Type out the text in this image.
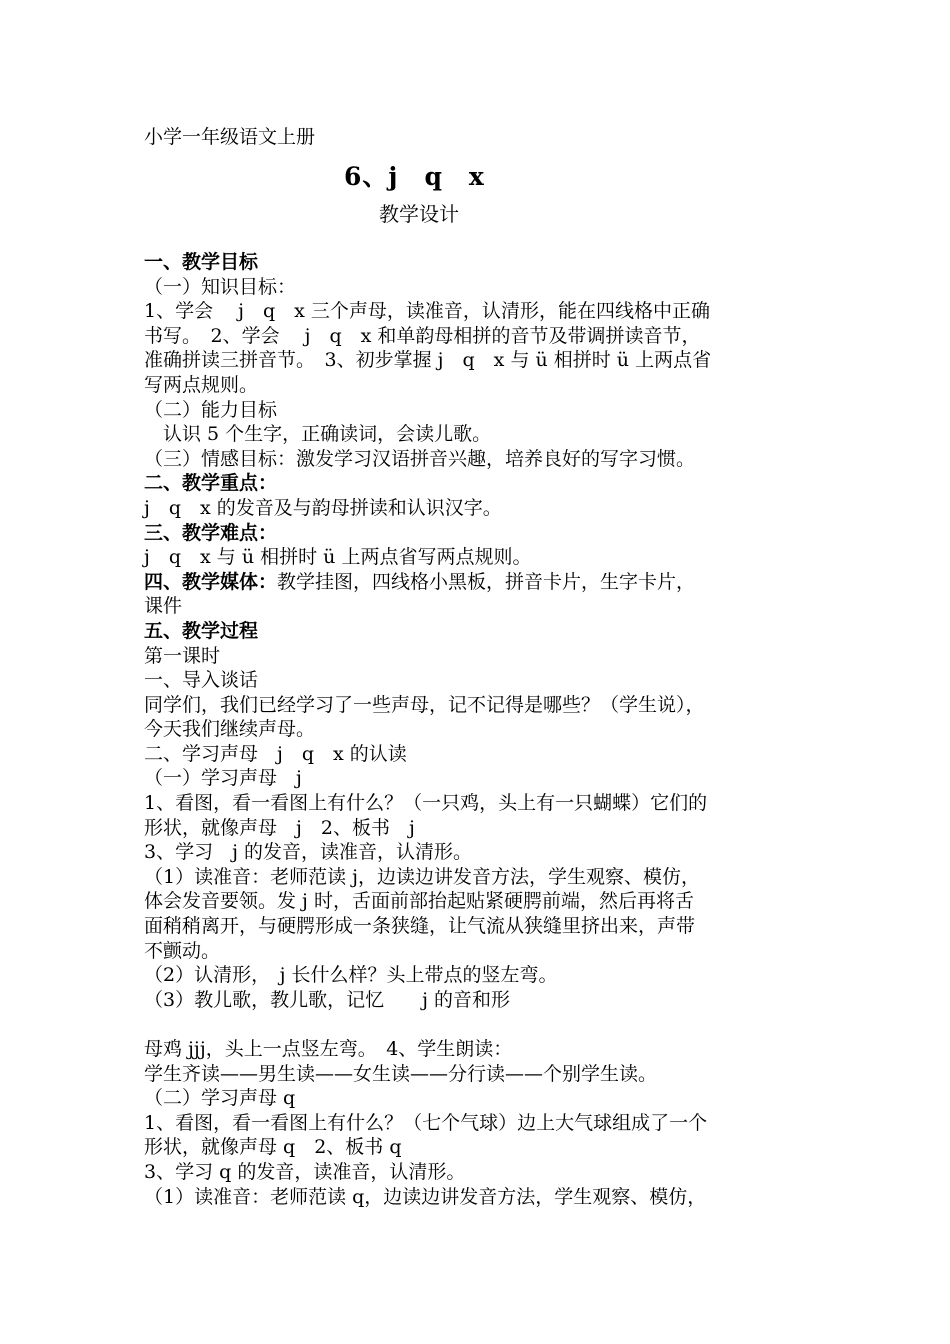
小学一年级语文上册
6、j　q　x
教学设计
一、教学目标
（一）知识目标：
1、学会　 j　q　x 三个声母，读准音，认清形，能在四线格中正确
书写。　2、学会　 j　q　x 和单韵母相拼的音节及带调拼读音节，
准确拼读三拼音节。　3、初步掌握 j　q　x 与 ü 相拼时 ü 上两点省
写两点规则。
（二）能力目标
　认识 5 个生字，正确读词，会读儿歌。
（三）情感目标：激发学习汉语拼音兴趣，培养良好的写字习惯。
二、教学重点：
j　q　x 的发音及与韵母拼读和认识汉字。
三、教学难点：
j　q　x 与 ü 相拼时 ü 上两点省写两点规则。
四、教学媒体：教学挂图，四线格小黑板，拼音卡片，生字卡片，
课件
五、教学过程
第一课时
一、导入谈话
同学们，我们已经学习了一些声母，记不记得是哪些？（学生说），
今天我们继续声母。
二、学习声母　j　q　x 的认读
（一）学习声母　j
1、看图，看一看图上有什么？（一只鸡，头上有一只蝴蝶）它们的
形状，就像声母　j　2、板书　j
3、学习　j 的发音，读准音，认清形。
（1）读准音：老师范读 j，边读边讲发音方法，学生观察、模仿，
体会发音要领。发 j 时，舌面前部抬起贴紧硬腭前端，然后再将舌
面稍稍离开，与硬腭形成一条狭缝，让气流从狭缝里挤出来，声带
不颤动。
（2）认清形，　j 长什么样？头上带点的竖左弯。
（3）教儿歌，教儿歌，记忆　　j 的音和形
母鸡 jjj，头上一点竖左弯。　4、学生朗读：
学生齐读——男生读——女生读——分行读——个别学生读。
（二）学习声母 q
1、看图，看一看图上有什么？（七个气球）边上大气球组成了一个
形状，就像声母 q　2、板书 q
3、学习 q 的发音，读准音，认清形。
（1）读准音：老师范读 q，边读边讲发音方法，学生观察、模仿，
